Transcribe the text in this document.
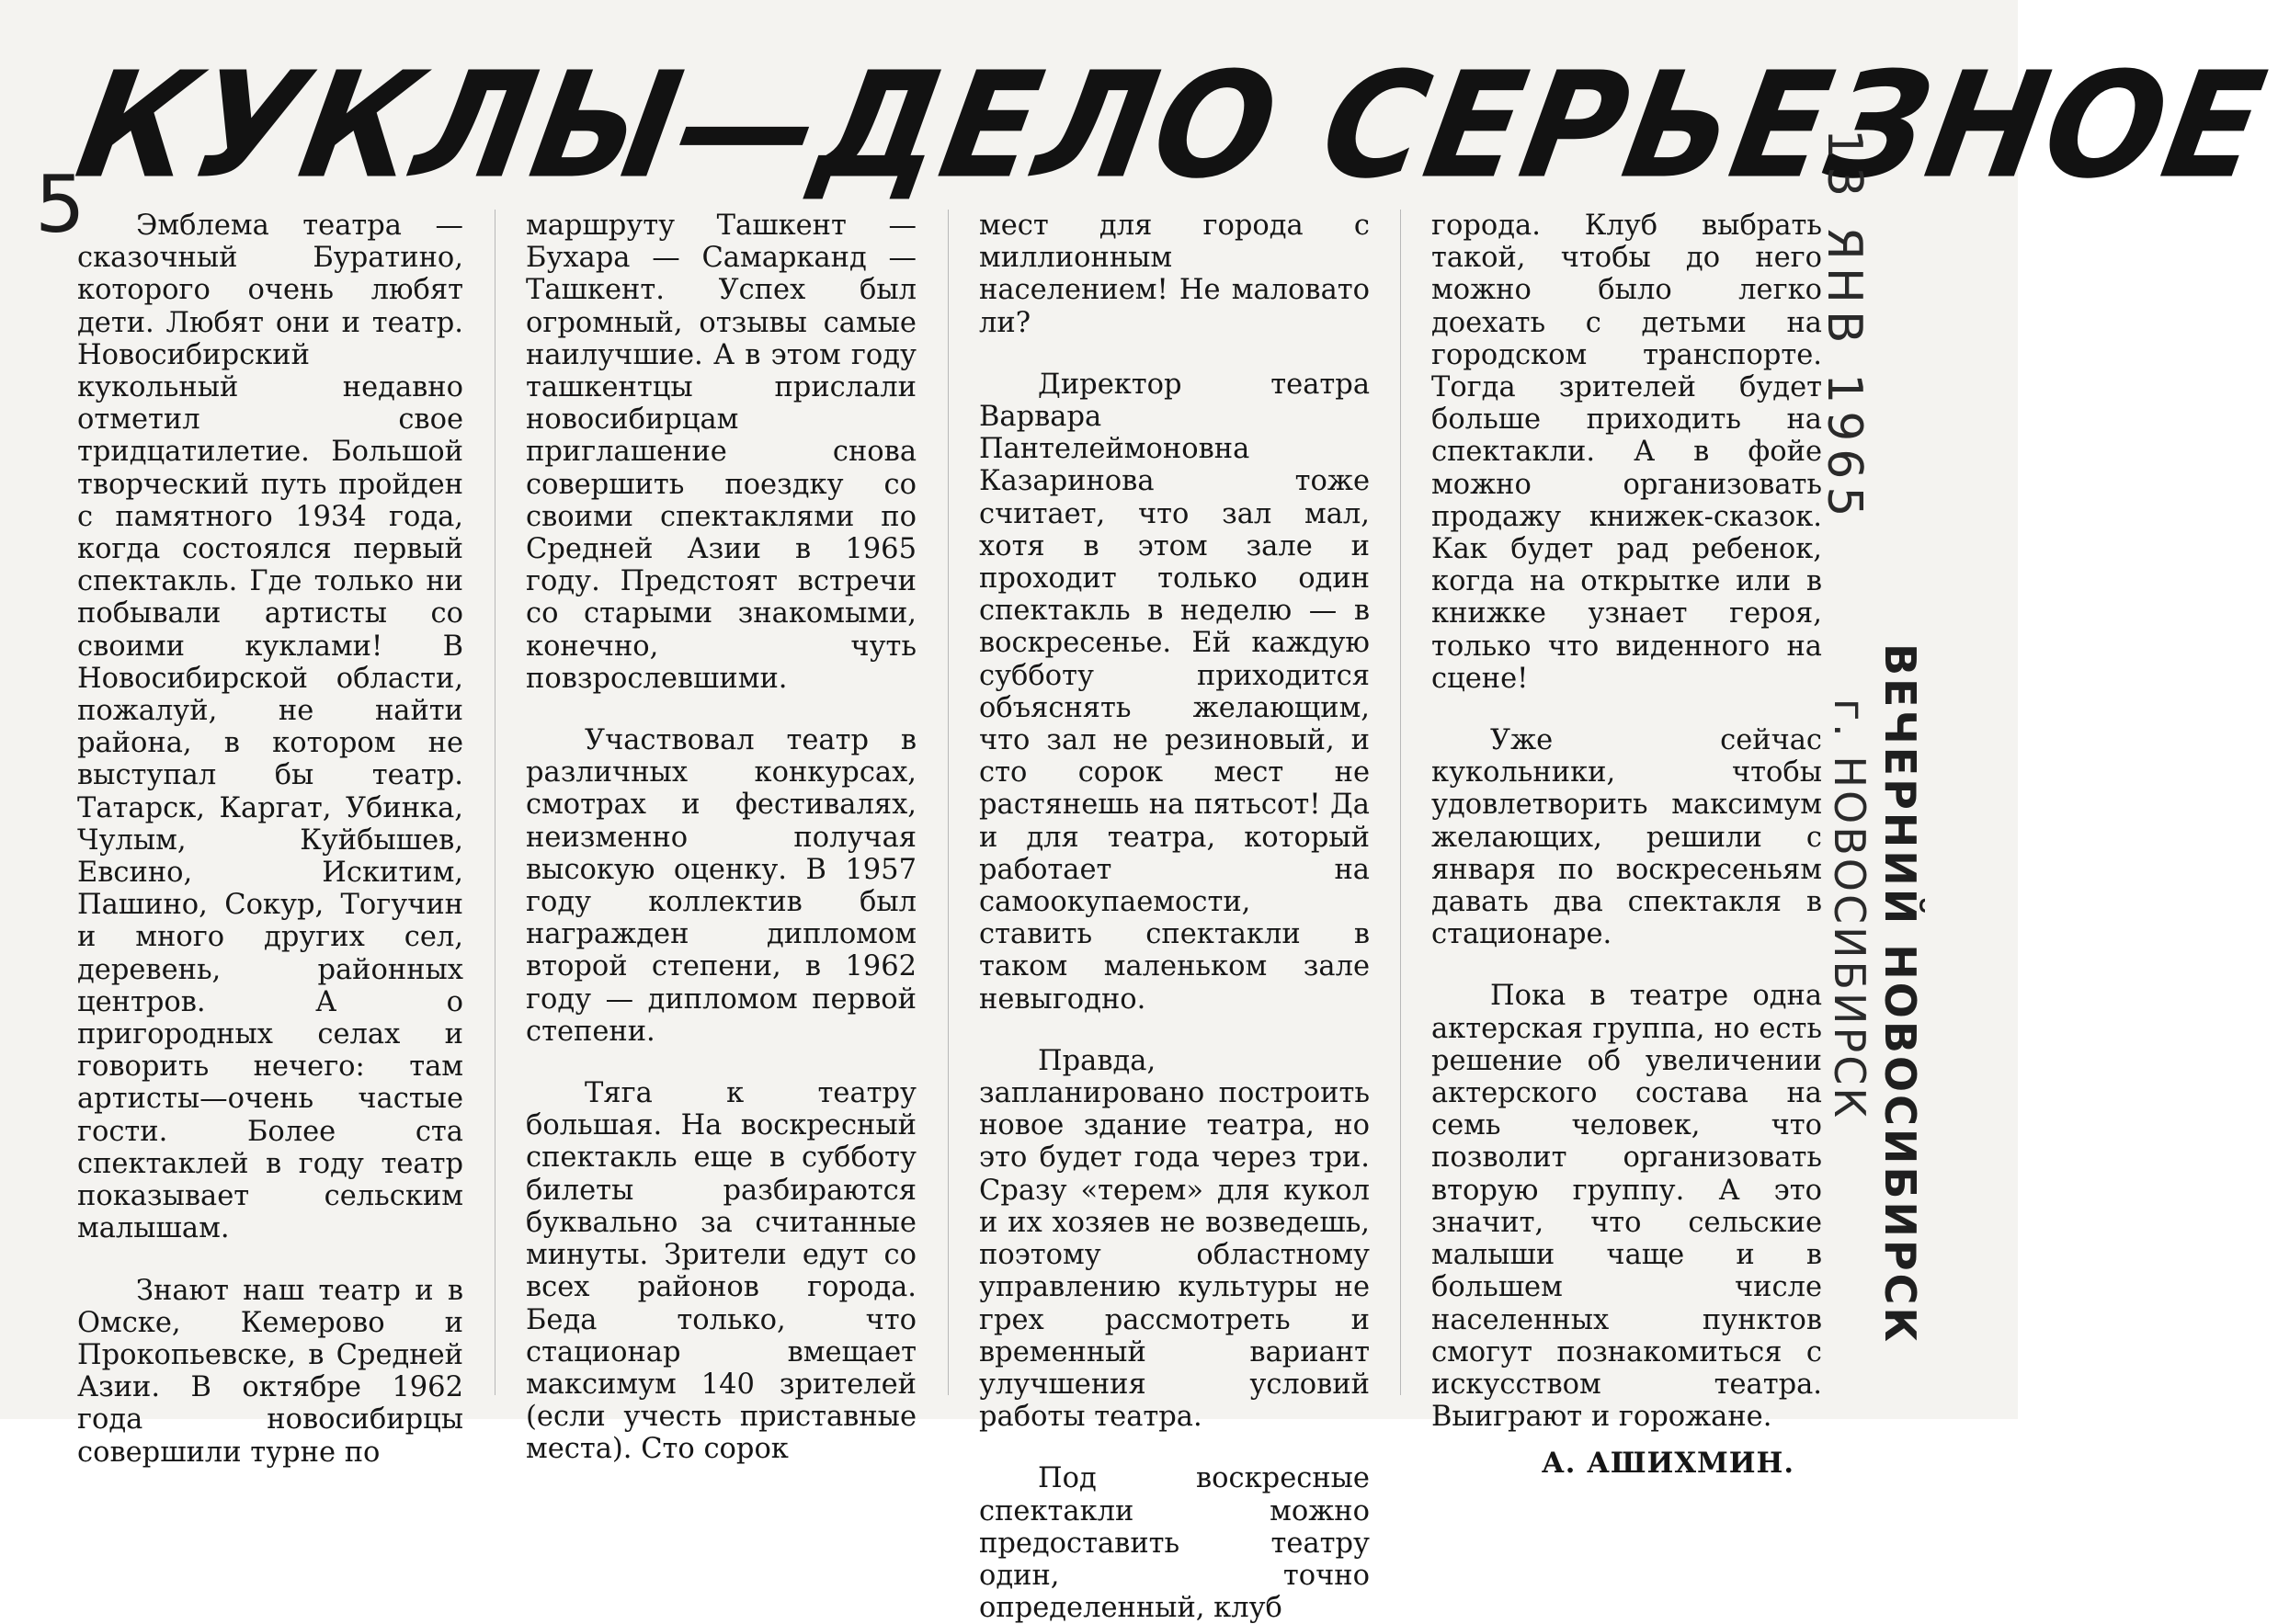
КУКЛЫ—ДЕЛО СЕРЬЕЗНОЕ
5	Эмблема театра — сказочный Буратино, которого очень любят дети. Любят они и театр. Новосибирский кукольный недавно отметил свое тридцатилетие. Большой творческий путь пройден с памятного 1934 года, когда состоялся первый спектакль. Где только ни побывали артисты со своими куклами! В Новосибирской области, пожалуй, не найти района, в котором не выступал бы театр. Татарск, Каргат, Убинка, Чулым, Куйбышев, Евсино, Искитим, Пашино, Сокур, Тогучин и много других сел, деревень, районных центров. А о пригородных селах и говорить нечего: там артисты—очень частые гости. Более ста спектаклей в году театр показывает сельским малышам.

Знают наш театр и в Омске, Кемерово и Прокопьевске, в Средней Азии. В октябре 1962 года новосибирцы совершили турне по

маршруту Ташкент — Бухара — Самарканд — Ташкент. Успех был огромный, отзывы самые наилучшие. А в этом году ташкентцы прислали новосибирцам приглашение снова совершить поездку со своими спектаклями по Средней Азии в 1965 году. Предстоят встречи со старыми знакомыми, конечно, чуть повзрослевшими.

Участвовал театр в различных конкурсах, смотрах и фестивалях, неизменно получая высокую оценку. В 1957 году коллектив был награжден дипломом второй степени, в 1962 году — дипломом первой степени.

Тяга к театру большая. На воскресный спектакль еще в субботу билеты разбираются буквально за считанные минуты. Зрители едут со всех районов города. Беда только, что стационар вмещает максимум 140 зрителей (если учесть приставные места). Сто сорок

мест для города с миллионным населением! Не маловато ли?

Директор театра Варвара Пантелеймоновна Казаринова тоже считает, что зал мал, хотя в этом зале и проходит только один спектакль в неделю — в воскресенье. Ей каждую субботу приходится объяснять желающим, что зал не резиновый, и сто сорок мест не растянешь на пятьсот! Да и для театра, который работает на самоокупаемости, ставить спектакли в таком маленьком зале невыгодно.

Правда, запланировано построить новое здание театра, но это будет года через три. Сразу «терем» для кукол и их хозяев не возведешь, поэтому областному управлению культуры не грех рассмотреть и временный вариант улучшения условий работы театра.

Под воскресные спектакли можно предоставить театру один, точно определенный, клуб

города. Клуб выбрать такой, чтобы до него можно было легко доехать с детьми на городском транспорте. Тогда зрителей будет больше приходить на спектакли. А в фойе можно организовать продажу книжек-сказок. Как будет рад ребенок, когда на открытке или в книжке узнает героя, только что виденного на сцене!

Уже сейчас кукольники, чтобы удовлетворить максимум желающих, решили с января по воскресеньям давать два спектакля в стационаре.

Пока в театре одна актерская группа, но есть решение об увеличении актерского состава на семь человек, что позволит организовать вторую группу. А это значит, что сельские малыши чаще и в большем числе населенных пунктов смогут познакомиться с искусством театра. Выиграют и горожане.

А. АШИХМИН.
13 ЯНВ 1965
ВЕЧЕРНИЙ НОВОСИБИРСК
г. НОВОСИБИРСК
